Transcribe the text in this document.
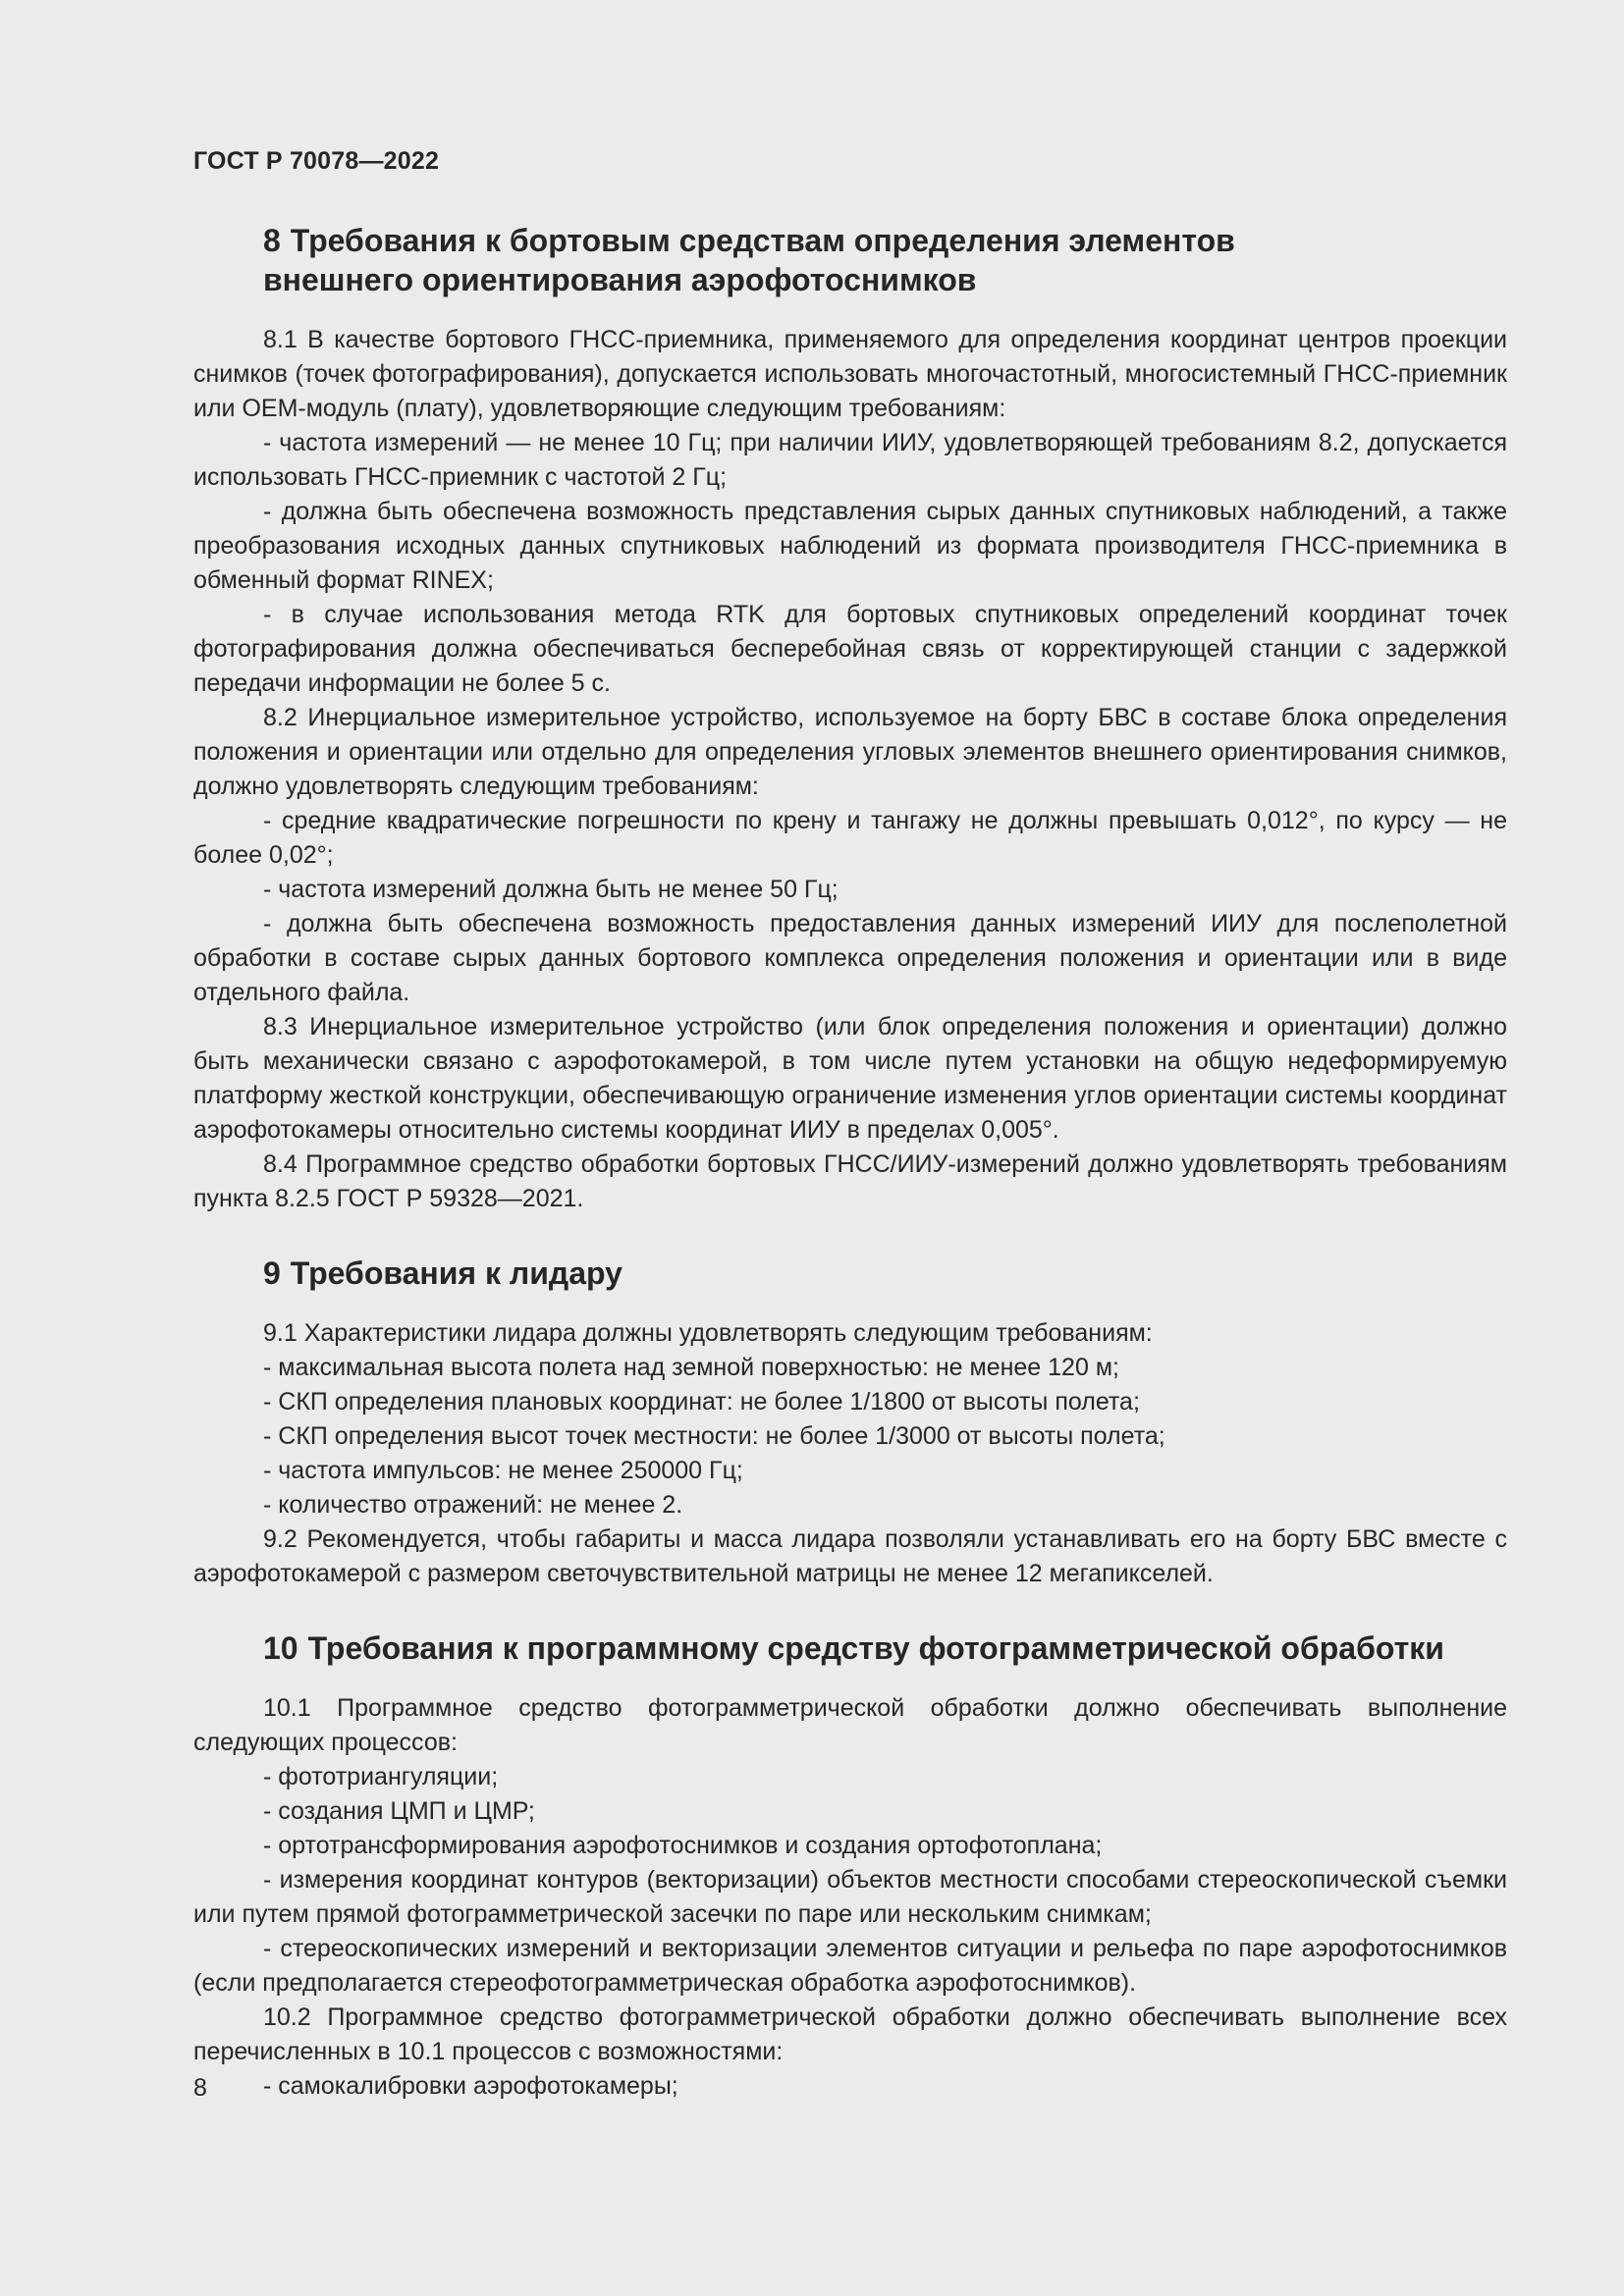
ГОСТ Р 70078—2022
8 Требования к бортовым средствам определения элементов
внешнего ориентирования аэрофотоснимков

8.1 В качестве бортового ГНСС-приемника, применяемого для определения координат центров проекции снимков (точек фотографирования), допускается использовать многочастотный, многосистемный ГНСС-приемник или OEM-модуль (плату), удовлетворяющие следующим требованиям:

- частота измерений — не менее 10 Гц; при наличии ИИУ, удовлетворяющей требованиям 8.2, допускается использовать ГНСС-приемник с частотой 2 Гц;

- должна быть обеспечена возможность представления сырых данных спутниковых наблюдений, а также преобразования исходных данных спутниковых наблюдений из формата производителя ГНСС-приемника в обменный формат RINEX;

- в случае использования метода RTK для бортовых спутниковых определений координат точек фотографирования должна обеспечиваться бесперебойная связь от корректирующей станции с задержкой передачи информации не более 5 с.

8.2 Инерциальное измерительное устройство, используемое на борту БВС в составе блока определения положения и ориентации или отдельно для определения угловых элементов внешнего ориентирования снимков, должно удовлетворять следующим требованиям:

- средние квадратические погрешности по крену и тангажу не должны превышать 0,012°, по курсу — не более 0,02°;

- частота измерений должна быть не менее 50 Гц;

- должна быть обеспечена возможность предоставления данных измерений ИИУ для послеполетной обработки в составе сырых данных бортового комплекса определения положения и ориентации или в виде отдельного файла.

8.3 Инерциальное измерительное устройство (или блок определения положения и ориентации) должно быть механически связано с аэрофотокамерой, в том числе путем установки на общую недеформируемую платформу жесткой конструкции, обеспечивающую ограничение изменения углов ориентации системы координат аэрофотокамеры относительно системы координат ИИУ в пределах 0,005°.

8.4 Программное средство обработки бортовых ГНСС/ИИУ-измерений должно удовлетворять требованиям пункта 8.2.5 ГОСТ Р 59328—2021.

9 Требования к лидару

9.1 Характеристики лидара должны удовлетворять следующим требованиям:

- максимальная высота полета над земной поверхностью: не менее 120 м;

- СКП определения плановых координат: не более 1/1800 от высоты полета;

- СКП определения высот точек местности: не более 1/3000 от высоты полета;

- частота импульсов: не менее 250000 Гц;

- количество отражений: не менее 2.

9.2 Рекомендуется, чтобы габариты и масса лидара позволяли устанавливать его на борту БВС вместе с аэрофотокамерой с размером светочувствительной матрицы не менее 12 мегапикселей.

10 Требования к программному средству фотограмметрической обработки

10.1 Программное средство фотограмметрической обработки должно обеспечивать выполнение следующих процессов:

- фототриангуляции;

- создания ЦМП и ЦМР;

- ортотрансформирования аэрофотоснимков и создания ортофотоплана;

- измерения координат контуров (векторизации) объектов местности способами стереоскопической съемки или путем прямой фотограмметрической засечки по паре или нескольким снимкам;

- стереоскопических измерений и векторизации элементов ситуации и рельефа по паре аэрофотоснимков (если предполагается стереофотограмметрическая обработка аэрофотоснимков).

10.2 Программное средство фотограмметрической обработки должно обеспечивать выполнение всех перечисленных в 10.1 процессов с возможностями:

- самокалибровки аэрофотокамеры;

8
